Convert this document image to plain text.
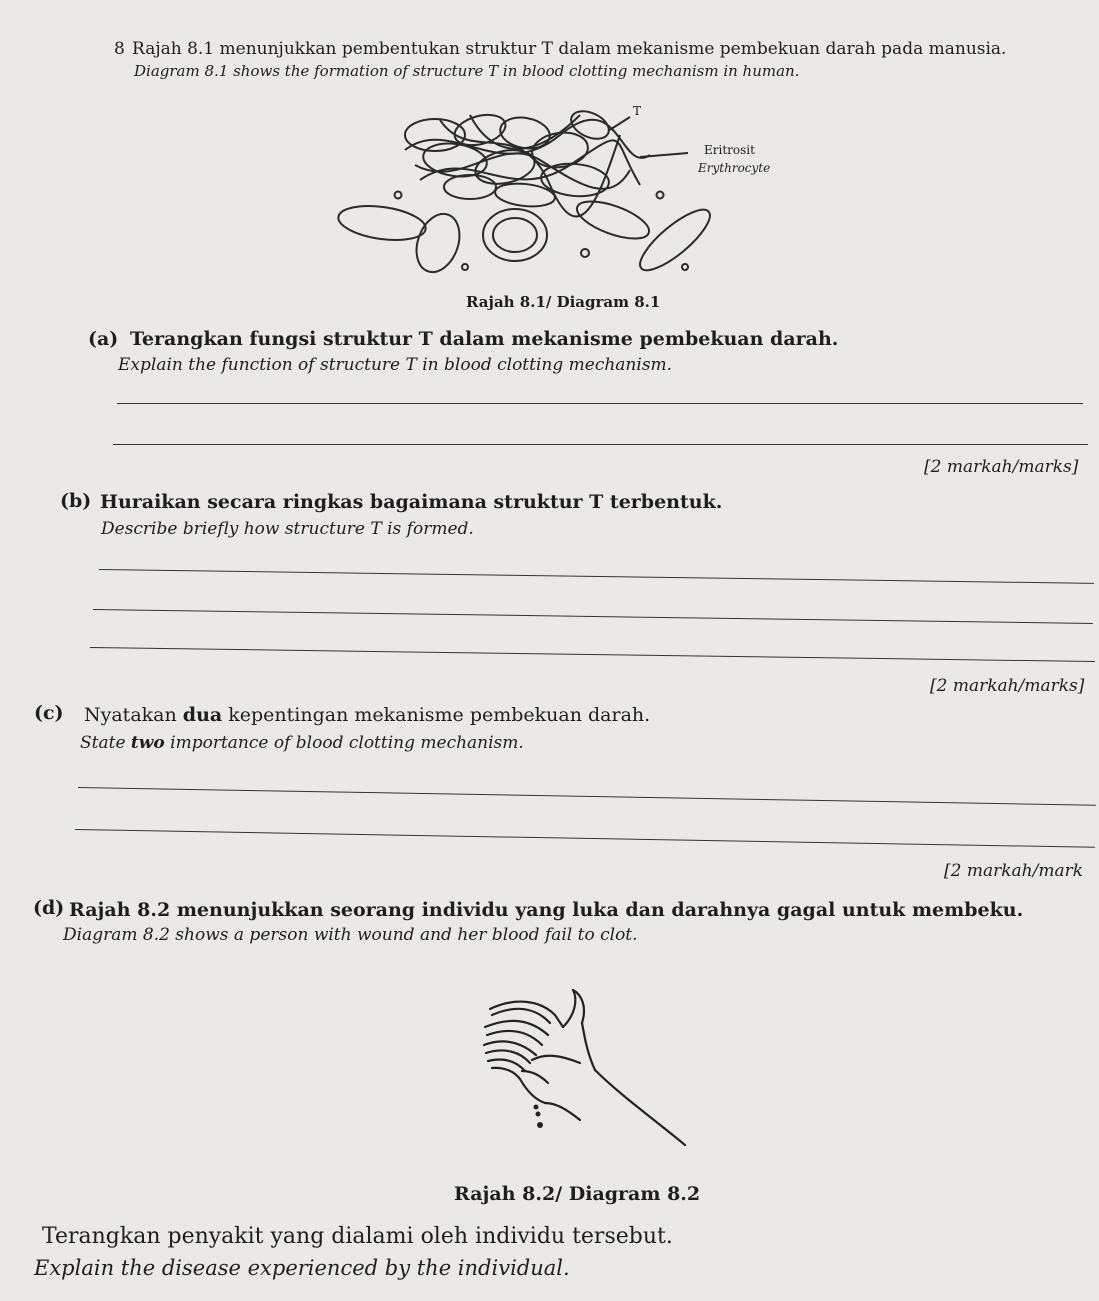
8 Rajah 8.1 menunjukkan pembentukan struktur T dalam mekanisme pembekuan darah pada manusia.
Diagram 8.1 shows the formation of structure T in blood clotting mechanism in human.
T
Eritrosit
Erythrocyte
Rajah 8.1/ Diagram 8.1
(a) Terangkan fungsi struktur T dalam mekanisme pembekuan darah.
Explain the function of structure T in blood clotting mechanism.
[2 markah/marks]
(b) Huraikan secara ringkas bagaimana struktur T terbentuk.
Describe briefly how structure T is formed.
[2 markah/marks]
(c) Nyatakan dua kepentingan mekanisme pembekuan darah.
State two importance of blood clotting mechanism.
[2 markah/mark
(d) Rajah 8.2 menunjukkan seorang individu yang luka dan darahnya gagal untuk membeku.
Diagram 8.2 shows a person with wound and her blood fail to clot.
Rajah 8.2/ Diagram 8.2
Terangkan penyakit yang dialami oleh individu tersebut.
Explain the disease experienced by the individual.
